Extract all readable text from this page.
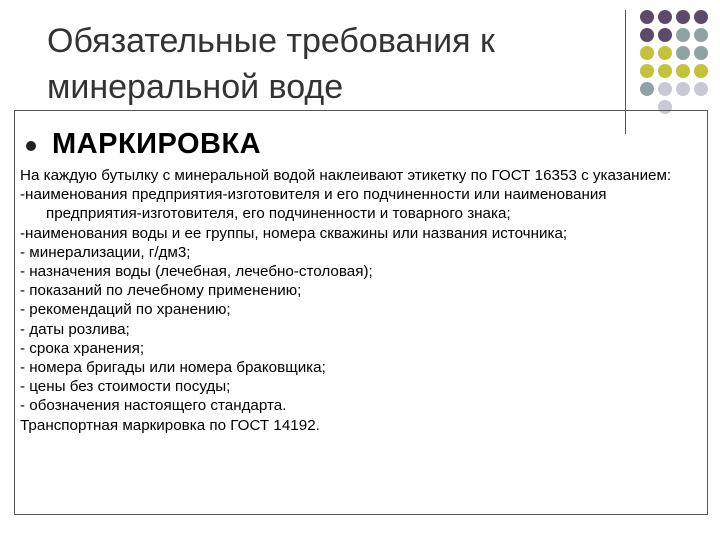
Обязательные требования к минеральной воде
МАРКИРОВКА

На каждую бутылку с минеральной водой наклеивают этикетку по ГОСТ 16353 с указанием:

-наименования предприятия-изготовителя и его подчиненности или наименования предприятия-изготовителя, его подчиненности и товарного знака;

-наименования воды и ее группы, номера скважины или названия источника;

- минерализации, г/дм3;

- назначения воды (лечебная, лечебно-столовая);

- показаний по лечебному применению;

- рекомендаций по хранению;

- даты розлива;

- срока хранения;

- номера бригады или номера браковщика;

- цены без стоимости посуды;

- обозначения настоящего стандарта.

Транспортная маркировка по ГОСТ 14192.
